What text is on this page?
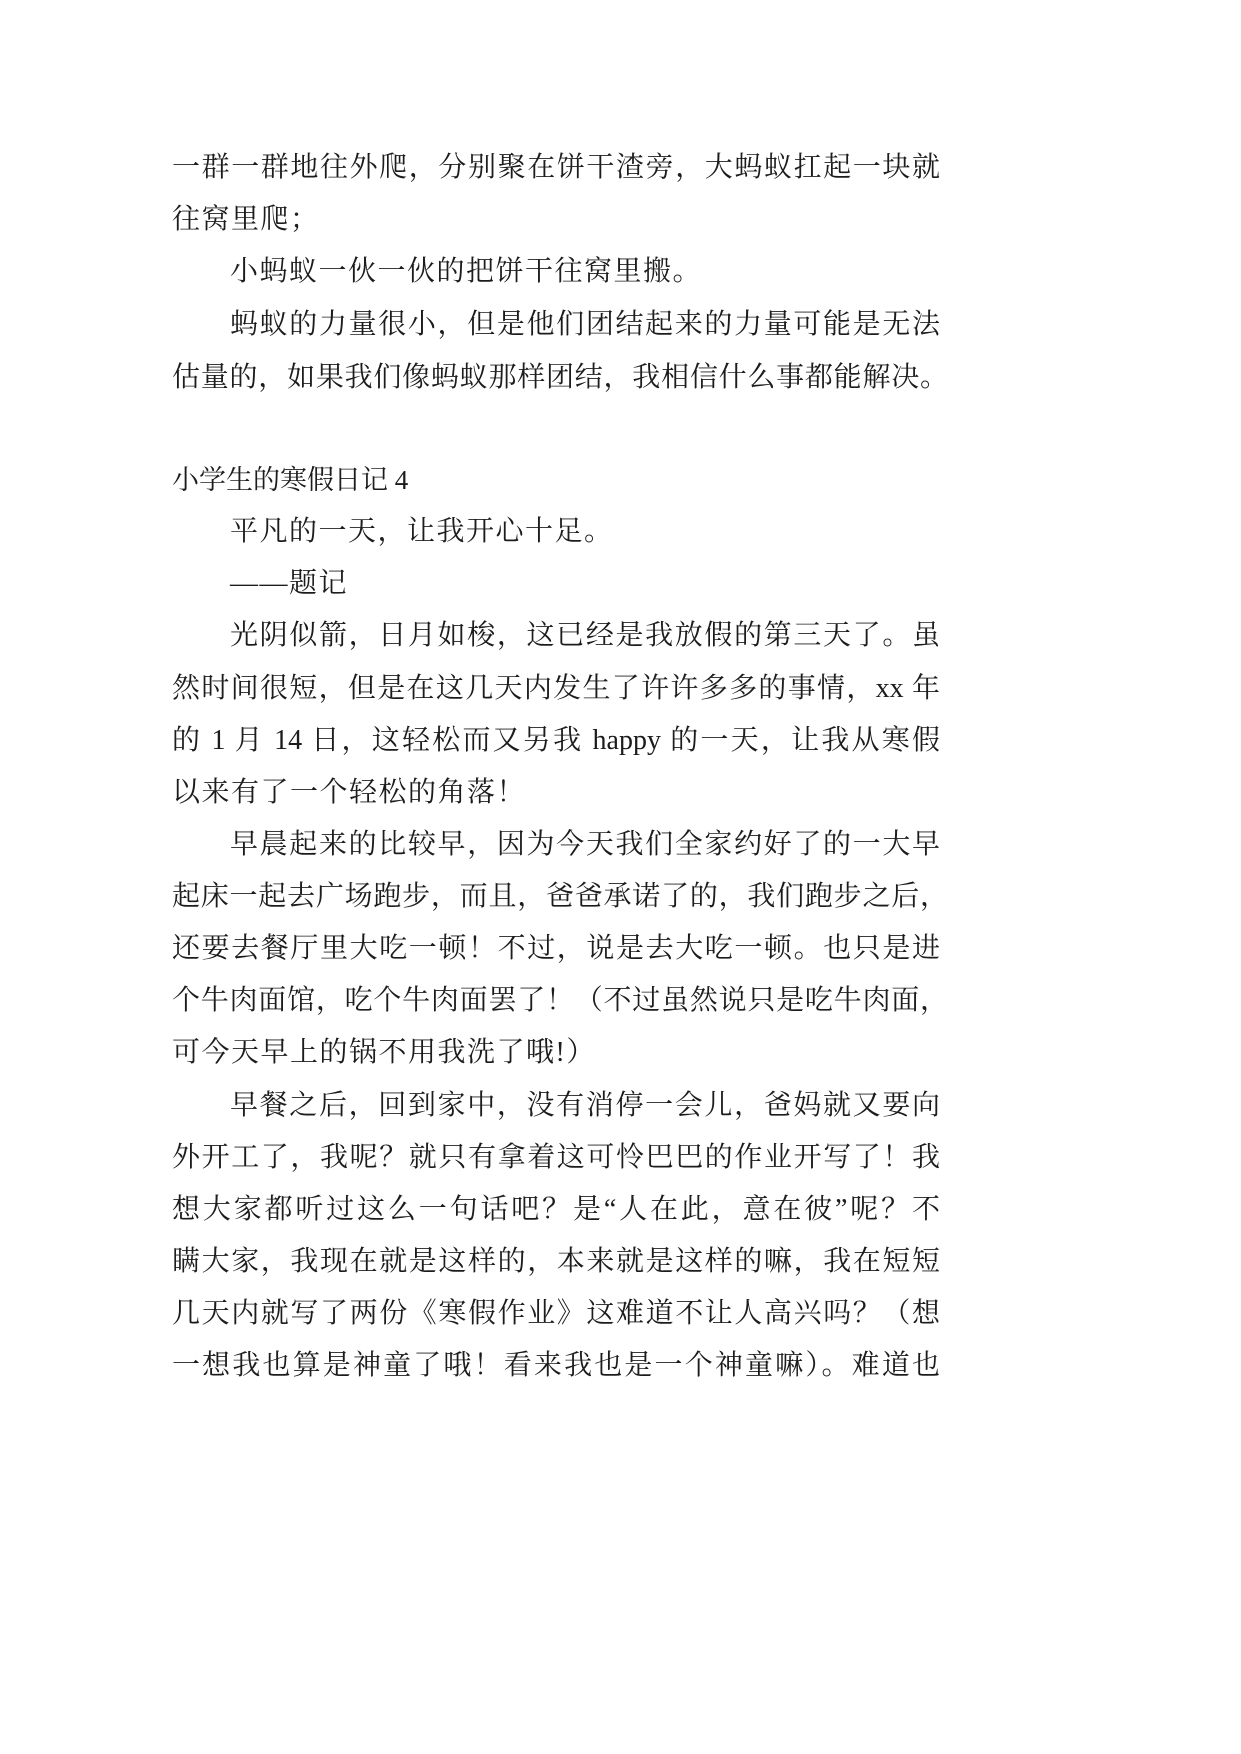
一群一群地往外爬，分别聚在饼干渣旁，大蚂蚁扛起一块就
往窝里爬；
小蚂蚁一伙一伙的把饼干往窝里搬。
蚂蚁的力量很小，但是他们团结起来的力量可能是无法
估量的，如果我们像蚂蚁那样团结，我相信什么事都能解决。
小学生的寒假日记 4
平凡的一天，让我开心十足。
——题记
光阴似箭，日月如梭，这已经是我放假的第三天了。虽
然时间很短，但是在这几天内发生了许许多多的事情，xx 年
的 1 月 14 日，这轻松而又另我 happy 的一天，让我从寒假
以来有了一个轻松的角落！
早晨起来的比较早，因为今天我们全家约好了的一大早
起床一起去广场跑步，而且，爸爸承诺了的，我们跑步之后，
还要去餐厅里大吃一顿！不过，说是去大吃一顿。也只是进
个牛肉面馆，吃个牛肉面罢了！（不过虽然说只是吃牛肉面，
可今天早上的锅不用我洗了哦!）
早餐之后，回到家中，没有消停一会儿，爸妈就又要向
外开工了，我呢？就只有拿着这可怜巴巴的作业开写了！我
想大家都听过这么一句话吧？是“人在此，意在彼”呢？不
瞒大家，我现在就是这样的，本来就是这样的嘛，我在短短
几天内就写了两份《寒假作业》这难道不让人高兴吗？（想
一想我也算是神童了哦！看来我也是一个神童嘛）。难道也
